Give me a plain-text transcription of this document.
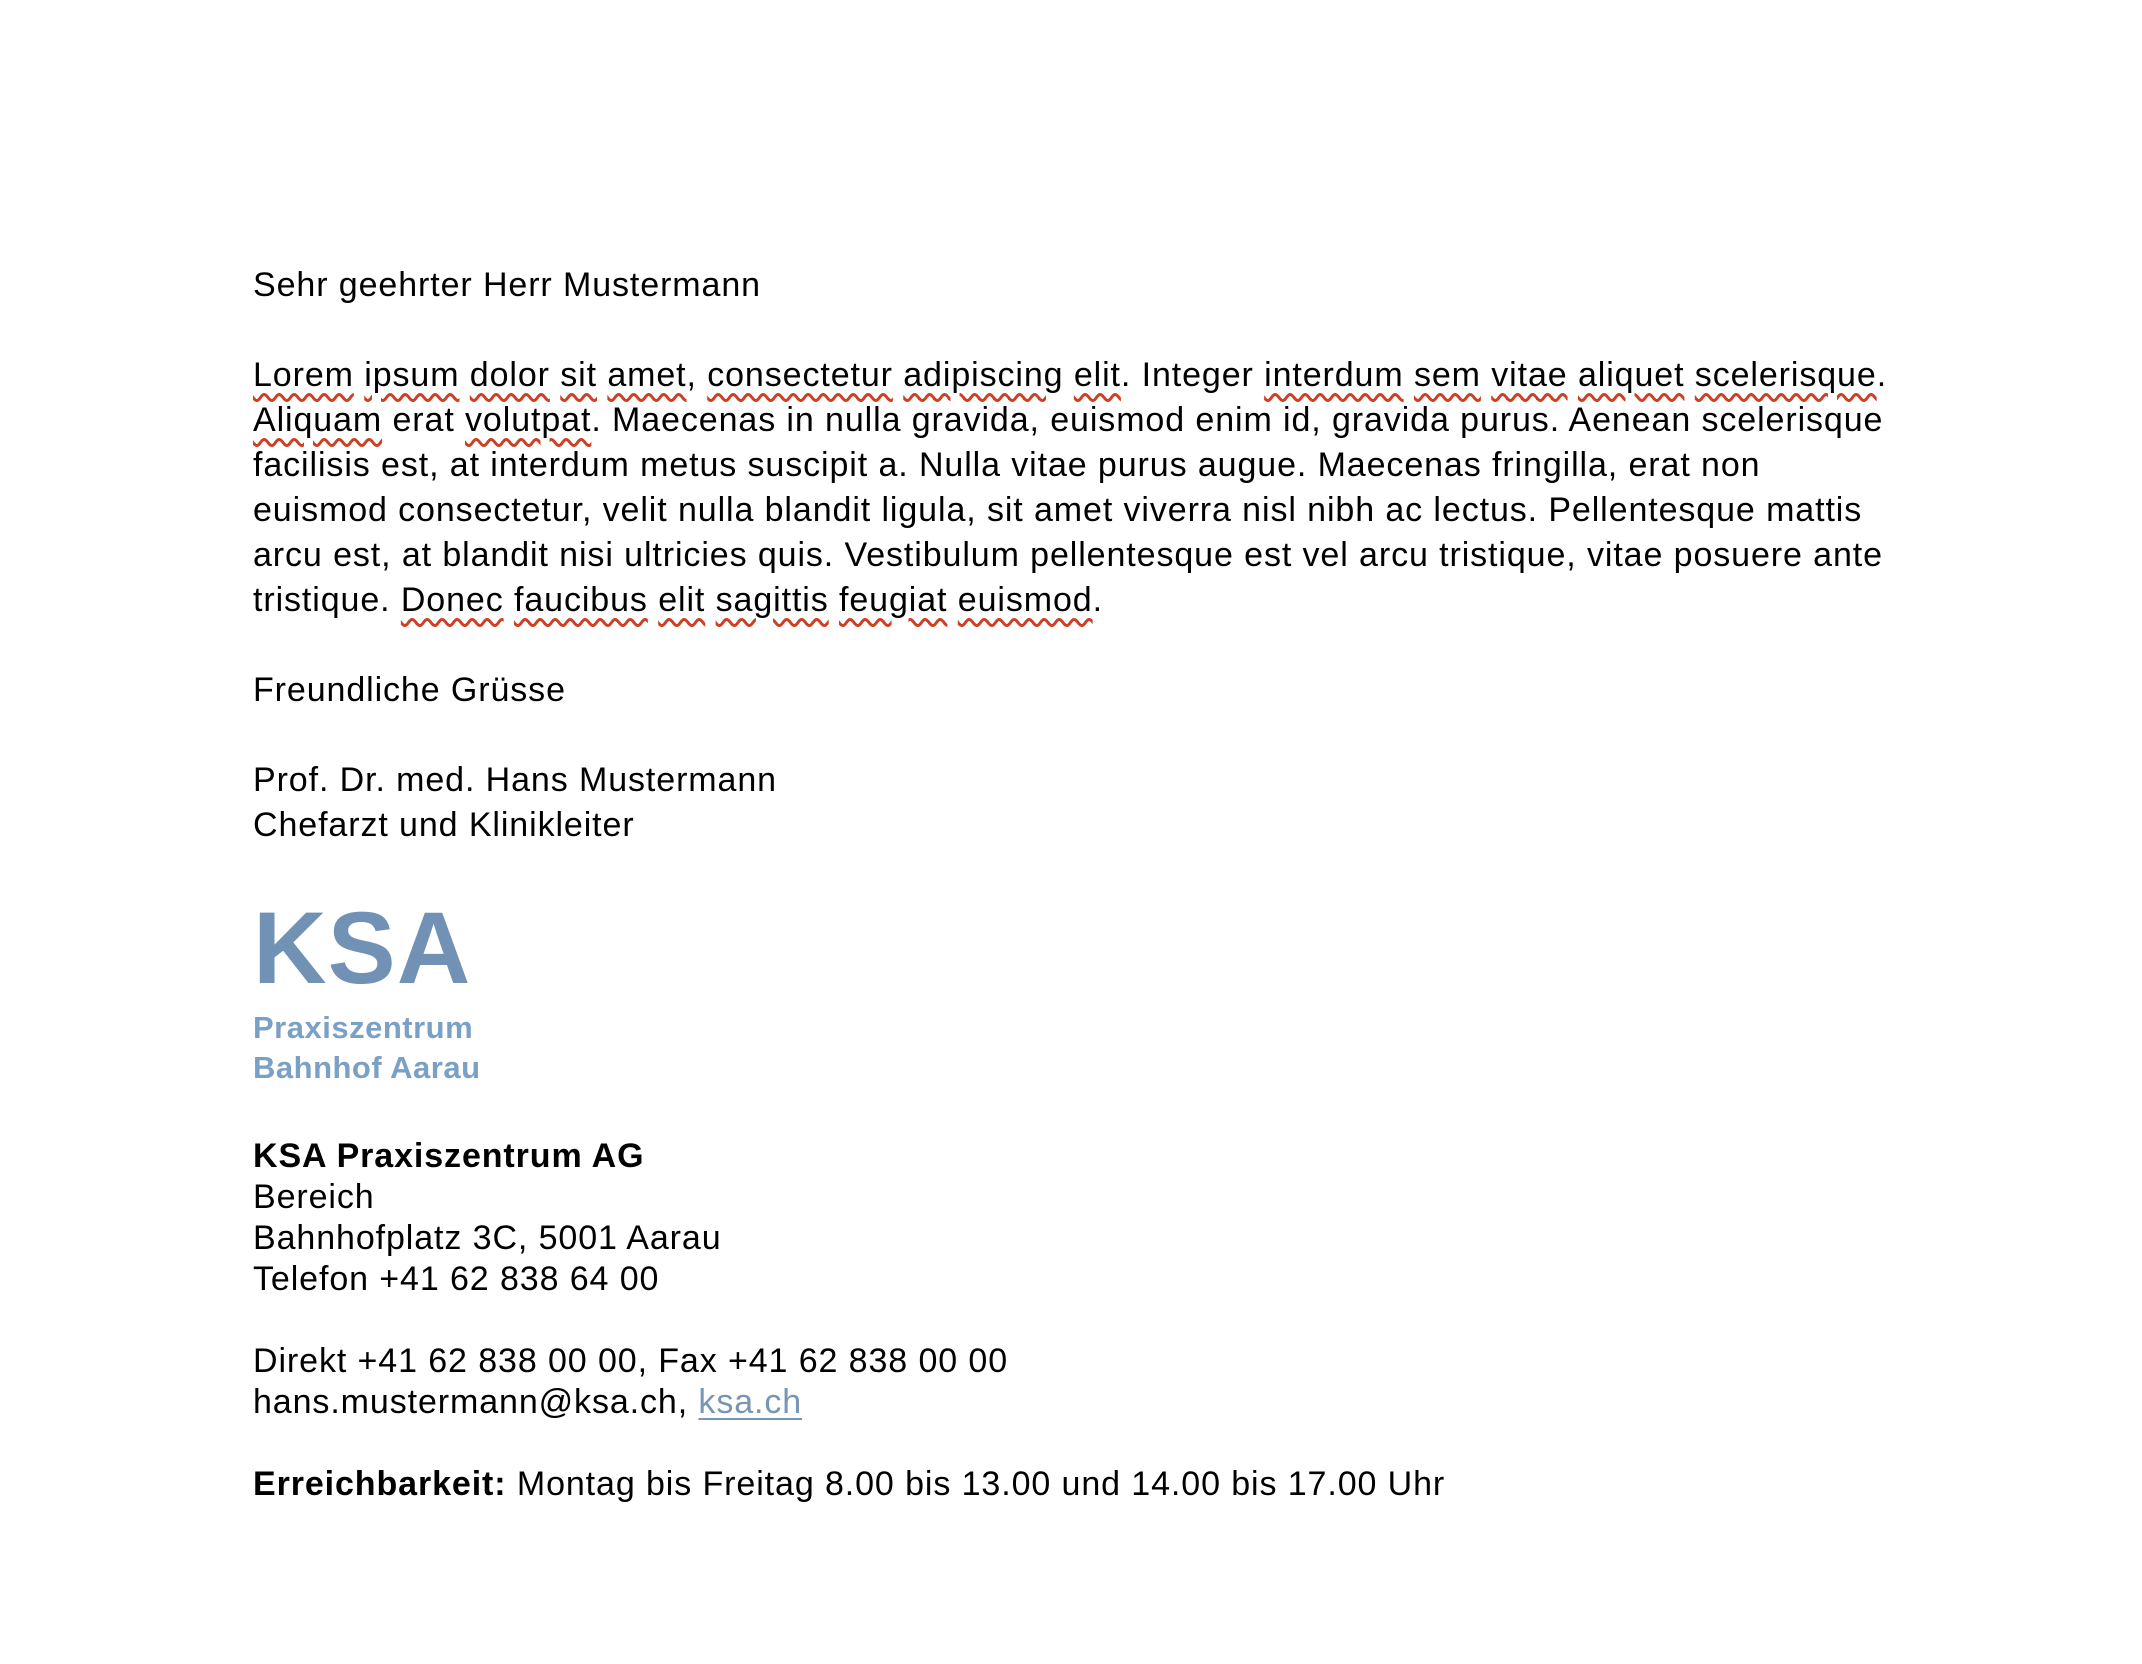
Sehr geehrter Herr Mustermann
Lorem ipsum dolor sit amet, consectetur adipiscing elit. Integer interdum sem vitae aliquet scelerisque.
Aliquam erat volutpat. Maecenas in nulla gravida, euismod enim id, gravida purus. Aenean scelerisque
facilisis est, at interdum metus suscipit a. Nulla vitae purus augue. Maecenas fringilla, erat non
euismod consectetur, velit nulla blandit ligula, sit amet viverra nisl nibh ac lectus. Pellentesque mattis
arcu est, at blandit nisi ultricies quis. Vestibulum pellentesque est vel arcu tristique, vitae posuere ante
tristique. Donec faucibus elit sagittis feugiat euismod.
Freundliche Grüsse
Prof. Dr. med. Hans Mustermann
Chefarzt und Klinikleiter
KSA
Praxiszentrum
Bahnhof Aarau
KSA Praxiszentrum AG
Bereich
Bahnhofplatz 3C, 5001 Aarau
Telefon +41 62 838 64 00
Direkt +41 62 838 00 00, Fax +41 62 838 00 00
hans.mustermann@ksa.ch, ksa.ch
Erreichbarkeit: Montag bis Freitag 8.00 bis 13.00 und 14.00 bis 17.00 Uhr
